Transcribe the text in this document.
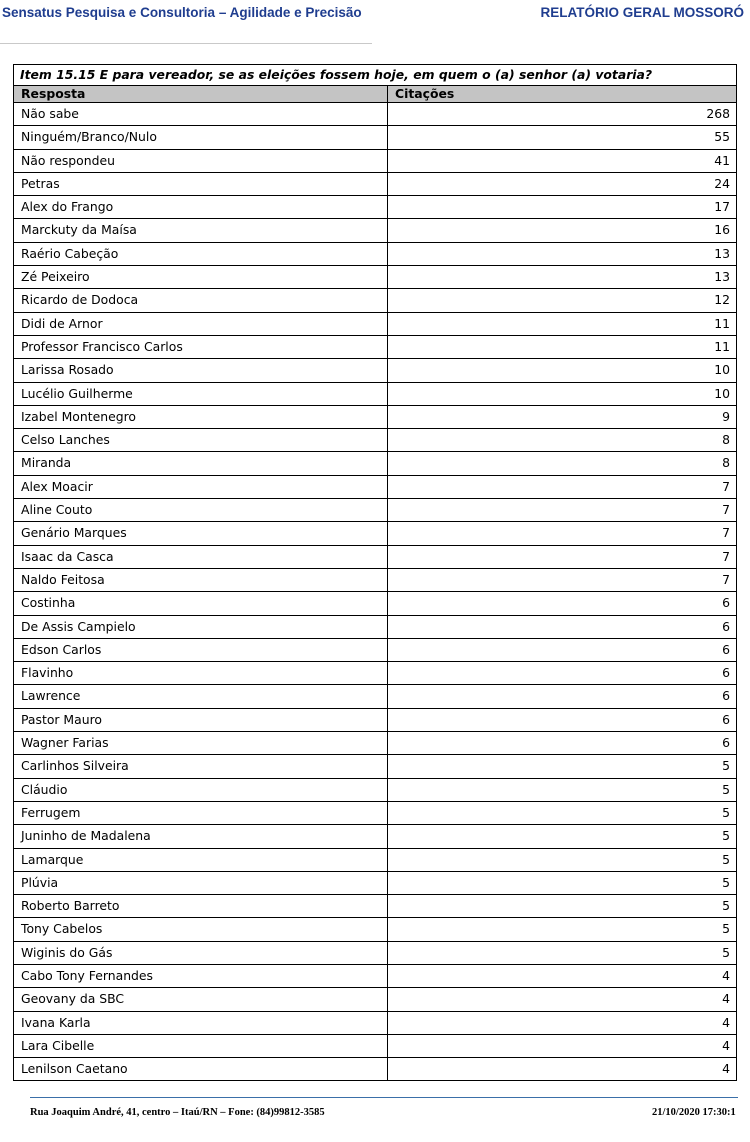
Sensatus Pesquisa e Consultoria – Agilidade e Precisão	RELATÓRIO GERAL MOSSORÓ
Item 15.15 E para vereador, se as eleições fossem hoje, em quem o (a) senhor (a) votaria?
Resposta	Citações
Não sabe	268
Ninguém/Branco/Nulo	55
Não respondeu	41
Petras	24
Alex do Frango	17
Marckuty da Maísa	16
Raério Cabeção	13
Zé Peixeiro	13
Ricardo de Dodoca	12
Didi de Arnor	11
Professor Francisco Carlos	11
Larissa Rosado	10
Lucélio Guilherme	10
Izabel Montenegro	9
Celso Lanches	8
Miranda	8
Alex Moacir	7
Aline Couto	7
Genário Marques	7
Isaac da Casca	7
Naldo Feitosa	7
Costinha	6
De Assis Campielo	6
Edson Carlos	6
Flavinho	6
Lawrence	6
Pastor Mauro	6
Wagner Farias	6
Carlinhos Silveira	5
Cláudio	5
Ferrugem	5
Juninho de Madalena	5
Lamarque	5
Plúvia	5
Roberto Barreto	5
Tony Cabelos	5
Wiginis do Gás	5
Cabo Tony Fernandes	4
Geovany da SBC	4
Ivana Karla	4
Lara Cibelle	4
Lenilson Caetano	4
Rua Joaquim André, 41, centro – Itaú/RN – Fone: (84)99812-3585	21/10/2020 17:30:1
